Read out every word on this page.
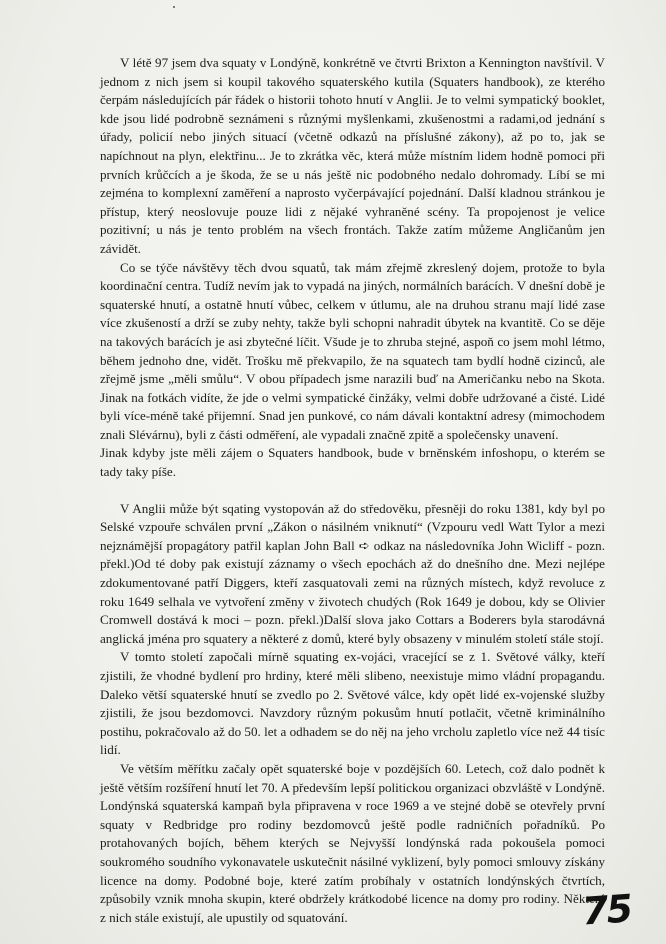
V létě 97 jsem dva squaty v Londýně, konkrétně ve čtvrti Brixton a Kennington navštívil. V jednom z nich jsem si koupil takového squaterského kutila (Squaters handbook), ze kterého čerpám následujících pár řádek o historii tohoto hnutí v Anglii. Je to velmi sympatický booklet, kde jsou lidé podrobně seznámeni s různými myšlenkami, zkušenostmi a radami,od jednání s úřady, policií nebo jiných situací (včetně odkazů na příslušné zákony), až po to, jak se napíchnout na plyn, elektřinu... Je to zkrátka věc, která může místním lidem hodně pomoci při prvních krůčcích a je škoda, že se u nás ještě nic podobného nedalo dohromady. Líbí se mi zejména to komplexní zaměření a naprosto vyčerpávající pojednání. Další kladnou stránkou je přístup, který neoslovuje pouze lidi z nějaké vyhraněné scény. Ta propojenost je velice pozitivní; u nás je tento problém na všech frontách. Takže zatím můžeme Angličanům jen závidět.

Co se týče návštěvy těch dvou squatů, tak mám zřejmě zkreslený dojem, protože to byla koordinační centra. Tudíž nevím jak to vypadá na jiných, normálních barácích. V dnešní době je squaterské hnutí, a ostatně hnutí vůbec, celkem v útlumu, ale na druhou stranu mají lidé zase více zkušeností a drží se zuby nehty, takže byli schopni nahradit úbytek na kvantitě. Co se děje na takových barácích je asi zbytečné líčit. Všude je to zhruba stejné, aspoň co jsem mohl létmo, během jednoho dne, vidět. Trošku mě překvapilo, že na squatech tam bydlí hodně cizinců, ale zřejmě jsme „měli smůlu“. V obou případech jsme narazili buď na Američanku nebo na Skota. Jinak na fotkách vidíte, že jde o velmi sympatické činžáky, velmi dobře udržované a čisté. Lidé byli více-méně také přijemní. Snad jen punkové, co nám dávali kontaktní adresy (mimochodem znali Slévárnu), byli z části odměření, ale vypadali značně zpitě a společensky unavení.

Jinak kdyby jste měli zájem o Squaters handbook, bude v brněnském infoshopu, o kterém se tady taky píše.

V Anglii může být sqating vystopován až do středověku, přesněji do roku 1381, kdy byl po Selské vzpouře schválen první „Zákon o násilném vniknutí“ (Vzpouru vedl Watt Tylor a mezi nejznámější propagátory patřil kaplan John Ball ➪ odkaz na následovníka John Wicliff - pozn. překl.)Od té doby pak existují záznamy o všech epochách až do dnešního dne. Mezi nejlépe zdokumentované patří Diggers, kteří zasquatovali zemi na různých místech, když revoluce z roku 1649 selhala ve vytvoření změny v životech chudých (Rok 1649 je dobou, kdy se Olivier Cromwell dostává k moci – pozn. překl.)Další slova jako Cottars a Boderers byla starodávná anglická jména pro squatery a některé z domů, které byly obsazeny v minulém století stále stojí.

V tomto století započali mírně squating ex-vojáci, vracející se z 1. Světové války, kteří zjistili, že vhodné bydlení pro hrdiny, které měli slibeno, neexistuje mimo vládní propagandu. Daleko větší squaterské hnutí se zvedlo po 2. Světové válce, kdy opět lidé ex-vojenské služby zjistili, že jsou bezdomovci. Navzdory různým pokusům hnutí potlačit, včetně kriminálního postihu, pokračovalo až do 50. let a odhadem se do něj na jeho vrcholu zapletlo více než 44 tisíc lidí.

Ve větším měřítku začaly opět squaterské boje v pozdějších 60. Letech, což dalo podnět k ještě větším rozšíření hnutí let 70. A především lepší politickou organizaci obzvláště v Londýně. Londýnská squaterská kampaň byla připravena v roce 1969 a ve stejné době se otevřely první squaty v Redbridge pro rodiny bezdomovců ještě podle radničních pořadníků. Po protahovaných bojích, během kterých se Nejvyšší londýnská rada pokoušela pomoci soukromého soudního vykonavatele uskutečnit násilné vyklizení, byly pomoci smlouvy získány licence na domy. Podobné boje, které zatím probíhaly v ostatních londýnských čtvrtích, způsobily vznik mnoha skupin, které obdržely krátkodobé licence na domy pro rodiny. Některé z nich stále existují, ale upustily od squatování.	75
